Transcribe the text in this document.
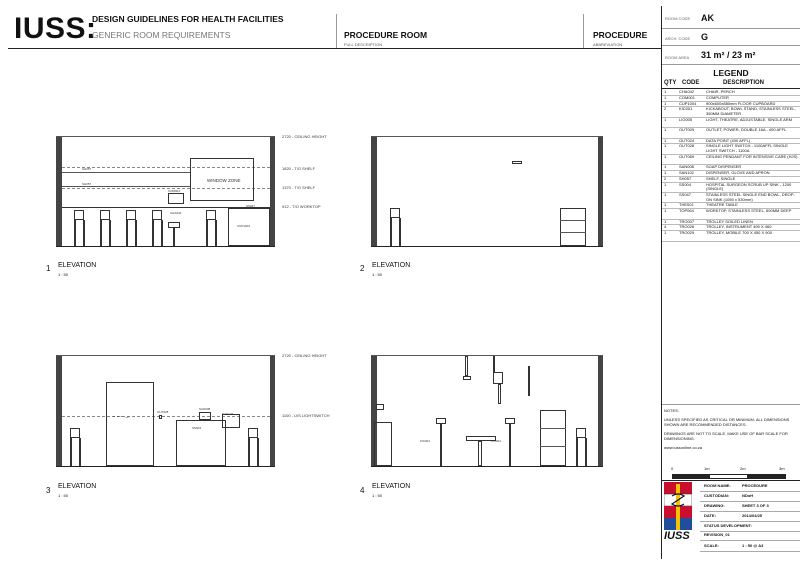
IUSS:
DESIGN GUIDELINES FOR HEALTH FACILITIES
GENERIC ROOM REQUIREMENTS	PROCEDURE ROOM
FULL DESCRIPTION
PROCEDURE
ABBREVIATION
ROOM CODE AK
ARCH. CODE G
ROOM AREA 31 m² / 23 m²
LEGEND
QTY CODE	DESCRIPTION
1	CHA042	CHAIR, PERCH
1	COM001	COMPUTER
1	CUP1004 900x600x880mm FLOOR CUPBOARD
2	KIC001	KICKABOUT, BOWL STAND, STAINLESS STEEL, 350MM DIAMETER
1	LIG005	LIGHT, THEATRE, ADJUSTABLE, SINGLE ARM
1	OUT009	OUTLET, POWER, DOUBLE 16A - 400 AFFL
1	OUT024	DATA POINT (400 AFFL)
1	OUT028	SINGLE LIGHT SWITCH - 1100AFFL SINGLE LIGHT SWITCH - 1100A
1	OUT069	CEILING PENDANT FOR INTENSIVE CARE (HJS)
1	SAN008	SOAP DISPENSER
1	SAN102	DISPENSER, GLOVE AND APRON
2	SH057	SHELF, SINGLE
1	SS004	HOSPITAL SURGEON SCRUB UP SINK - 1200 (SINGLE)
1	SS047	STAINLESS STEEL SINGLE END BOWL, DROP-ON SINK (1050 x 530mm)
1	THE001	THEATRE TABLE
1	TOP064	WORKTOP, STAINLESS STEEL, 600MM DEEP
1	TRO007	TROLLEY SOILED LINEN
4	TRO026	TROLLEY, INSTRUMENT 490 X 460
1	TRO029	TROLLEY, MOBILE 700 X 450 X 900

NOTES:

UNLESS SPECIFIED AS CRITICAL OR MINIMUM, ALL DIMENSIONS SHOWN ARE RECOMMENDED DISTANCES.

DRAWINGS ARE NOT TO SCALE, MAKE USE OF BAR SCALE FOR DIMENSIONING.

www.iussonline.co.za

0	1m	2m	3m
IUSS
ROOM NAME:	PROCEDURE
CUSTODIAN:	NDoH
DRAWING:	SHEET 3 OF 3
DATE:	2014/04/25
STATUS DEVELOPMENT:
REVISION_01
SCALE:	1 : 50 @ A3
SH057
SH057
WINDOW ZONE
COM001
CHA042
SS047
CUP1004
2720 - CEILING HEIGHT
1820 - T/O SHELF
1370 - T/O SHELF
912 - T/O WORKTOP
1 ELEVATION
1 : 50
2 ELEVATION
1 : 50
- - - →
OUT028
SS004
SAN008
SAN102
2720 - CEILING HEIGHT
1100 - U/S LIGHTSWITCH
3 ELEVATION
1 : 50
KIC001	KIC001
4 ELEVATION
1 : 50
